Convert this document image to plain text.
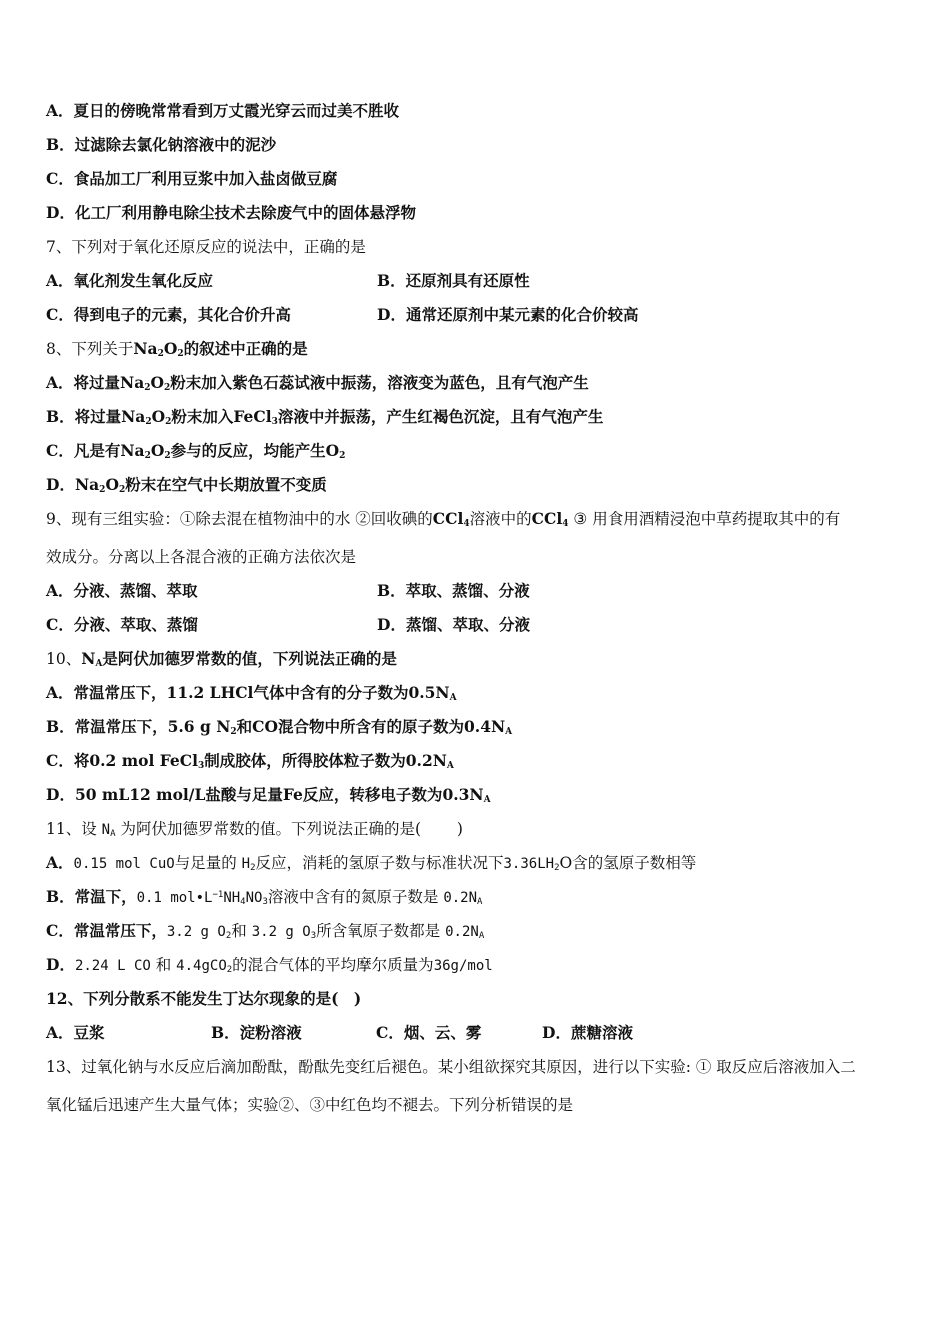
A．夏日的傍晚常常看到万丈霞光穿云而过美不胜收
B．过滤除去氯化钠溶液中的泥沙
C．食品加工厂利用豆浆中加入盐卤做豆腐
D．化工厂利用静电除尘技术去除废气中的固体悬浮物
7、下列对于氧化还原反应的说法中，正确的是
A．氧化剂发生氧化反应	B．还原剂具有还原性
C．得到电子的元素，其化合价升高	D．通常还原剂中某元素的化合价较高
8、下列关于$Na_2O_2$的叙述中正确的是
A．将过量$Na_2O_2$粉末加入紫色石蕊试液中振荡，溶液变为蓝色，且有气泡产生
B．将过量$Na_2O_2$粉末加入FeCl$_3$溶液中并振荡，产生红褐色沉淀，且有气泡产生
C．凡是有$Na_2O_2$参与的反应，均能产生$O_2$
D．$Na_2O_2$粉末在空气中长期放置不变质
9、现有三组实验：①除去混在植物油中的水 ②回收碘的CCl$_4$溶液中的CCl$_4$ ③ 用食用酒精浸泡中草药提取其中的有
效成分。分离以上各混合液的正确方法依次是
A．分液、蒸馏、萃取	B．萃取、蒸馏、分液
C．分液、萃取、蒸馏	D．蒸馏、萃取、分液
10、$N_A$是阿伏加德罗常数的值，下列说法正确的是
A．常温常压下，11.2 LHCl气体中含有的分子数为$0.5N_A$
B．常温常压下，5.6 g $N_2$和CO混合物中所含有的原子数为$0.4N_A$
C．将0.2 mol FeCl$_3$制成胶体，所得胶体粒子数为$0.2N_A$
D．50 mL12 mol/L盐酸与足量Fe反应，转移电子数为$0.3N_A$
11、设 $N_A$ 为阿伏加德罗常数的值。下列说法正确的是(　　 )
A．0.15 mol CuO与足量的 $H_2$反应，消耗的氢原子数与标准状况下$3.36LH_2O$含的氢原子数相等
B．常温下，0.1 $mol•L^{-1}NH_4NO_3$溶液中含有的氮原子数是 $0.2N_A$
C．常温常压下，3.2 g $O_2$和 3.2 g $O_3$所含氧原子数都是 $0.2N_A$
D．2.24 L CO 和 4.4gCO$_2$的混合气体的平均摩尔质量为36g/mol
12、下列分散系不能发生丁达尔现象的是(　)
A．豆浆	B．淀粉溶液	C．烟、云、雾	D．蔗糖溶液
13、过氧化钠与水反应后滴加酚酞，酚酞先变红后褪色。某小组欲探究其原因，进行以下实验: ① 取反应后溶液加入二
氧化锰后迅速产生大量气体；实验②、③中红色均不褪去。下列分析错误的是
